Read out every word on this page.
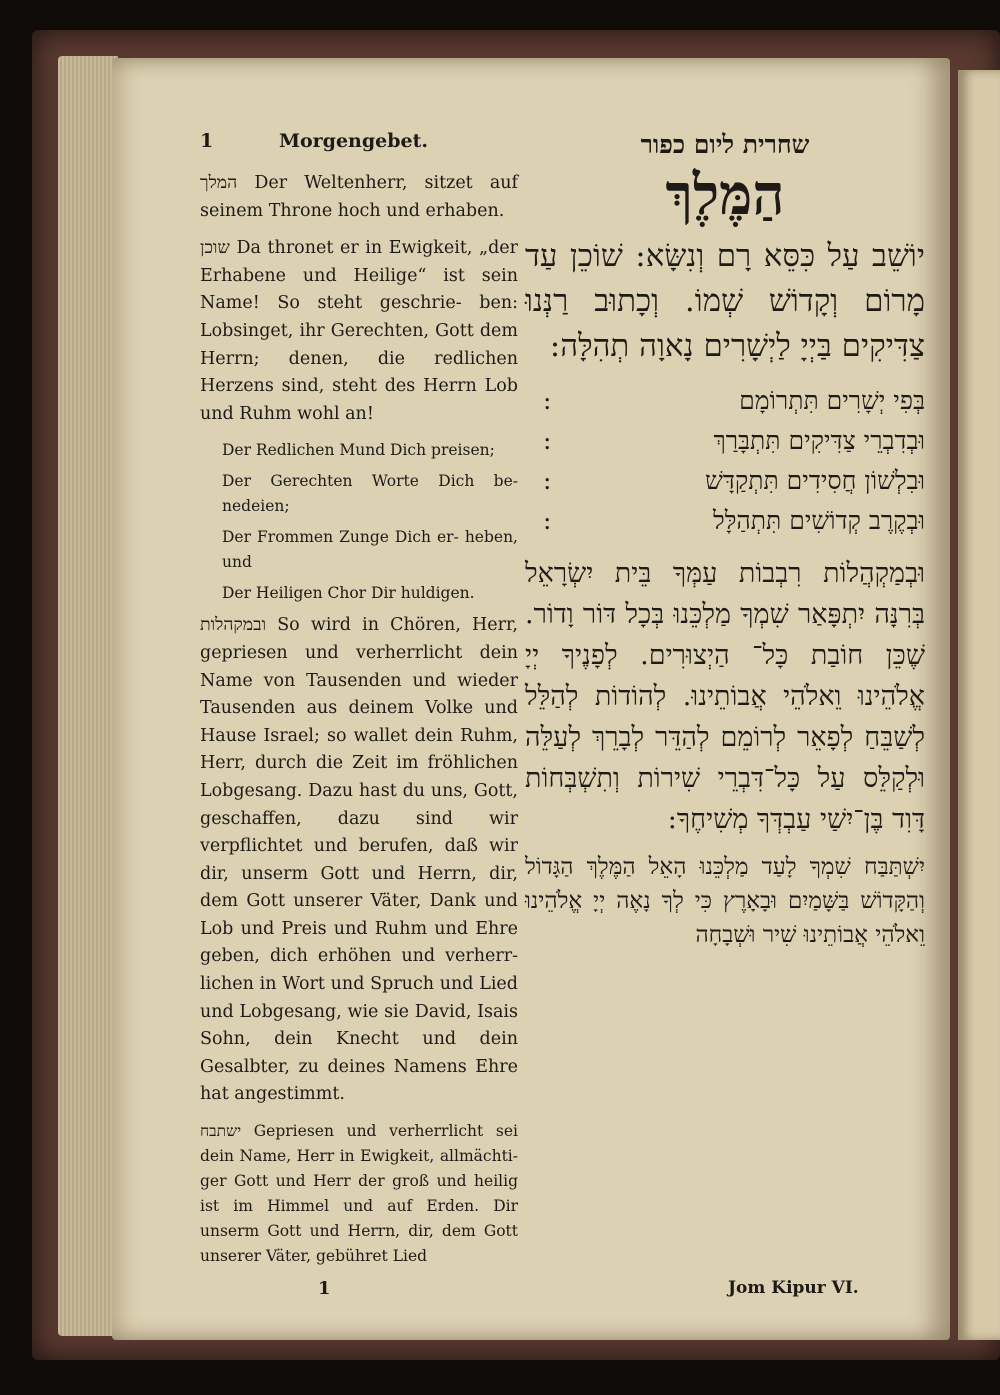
1	Morgengebet.

המלך Der Weltenherr, sitzet auf seinem Throne hoch und erhaben.

שוכן Da thronet er in Ewigkeit, „der Erhabene und Heilige“ ist sein Name! So steht geschrie- ben: Lobsinget, ihr Gerechten, Gott dem Herrn; denen, die redlichen Herzens sind, steht des Herrn Lob und Ruhm wohl an!

Der Redlichen Mund Dich preisen;

Der Gerechten Worte Dich be- nedeien;

Der Frommen Zunge Dich er- heben, und

Der Heiligen Chor Dir huldigen.

ובמקהלות So wird in Chören, Herr, gepriesen und verherrlicht dein Name von Tausenden und wieder Tausenden aus deinem Volke und Hause Israel; so wallet dein Ruhm, Herr, durch die Zeit im fröhlichen Lobgesang. Dazu hast du uns, Gott, geschaffen, dazu sind wir verpflichtet und berufen, daß wir dir, unserm Gott und Herrn, dir, dem Gott unserer Väter, Dank und Lob und Preis und Ruhm und Ehre geben, dich erhöhen und verherr- lichen in Wort und Spruch und Lied und Lobgesang, wie sie David, Isais Sohn, dein Knecht und dein Gesalbter, zu deines Namens Ehre hat angestimmt.

ישתבח Gepriesen und verherrlicht sei dein Name, Herr in Ewigkeit, allmächti- ger Gott und Herr der groß und heilig ist im Himmel und auf Erden. Dir unserm Gott und Herrn, dir, dem Gott unserer Väter, gebühret Lied

שחרית ליום כפור
הַמֶּלֶךְ

יוֹשֵׁב עַל כִּסֵּא רָם וְנִשָּׂא: שׁוֹכֵן עַד מָרוֹם וְקָדוֹשׁ שְׁמוֹ. וְכָתוּב רַנְּנוּ צַדִּיקִים בַּיְיָ לַיְשָׁרִים נָאוָה תְהִלָּה:

בְּפִי יְשָׁרִים תִּתְרוֹמָם
:
וּבְדִבְרֵי צַדִּיקִים תִּתְבָּרַךְ
:
וּבִלְשׁוֹן חֲסִידִים תִּתְקַדָּשׁ
:
וּבְקֶרֶב קְדוֹשִׁים תִּתְהַלָּל
:

וּבְמַקְהֲלוֹת רִבְבוֹת עַמְּךָ בֵּית יִשְׂרָאֵל בְּרִנָּה יִתְפָּאַר שִׁמְךָ מַלְכֵּנוּ בְּכָל דּוֹר וָדוֹר. שֶׁכֵּן חוֹבַת כָּל־ הַיְצוּרִים. לְפָנֶיךָ יְיָ אֱלֹהֵינוּ וֵאלֹהֵי אֲבוֹתֵינוּ. לְהוֹדוֹת לְהַלֵּל לְשַׁבֵּחַ לְפָאֵר לְרוֹמֵם לְהַדֵּר לְבָרֵךְ לְעַלֵּה וּלְקַלֵּס עַל כָּל־דִּבְרֵי שִׁירוֹת וְתִשְׁבְּחוֹת דָּוִד בֶּן־יִשַׁי עַבְדְּךָ מְשִׁיחֶךָ:

יִשְׁתַּבַּח שִׁמְךָ לָעַד מַלְכֵּנוּ הָאֵל הַמֶּלֶךְ הַגָּדוֹל וְהַקָּדוֹשׁ בַּשָּׁמַיִם וּבָאָרֶץ כִּי לְךָ נָאֶה יְיָ אֱלֹהֵינוּ וֵאלֹהֵי אֲבוֹתֵינוּ שִׁיר וּשְׁבָחָה

1	Jom Kipur VI.
